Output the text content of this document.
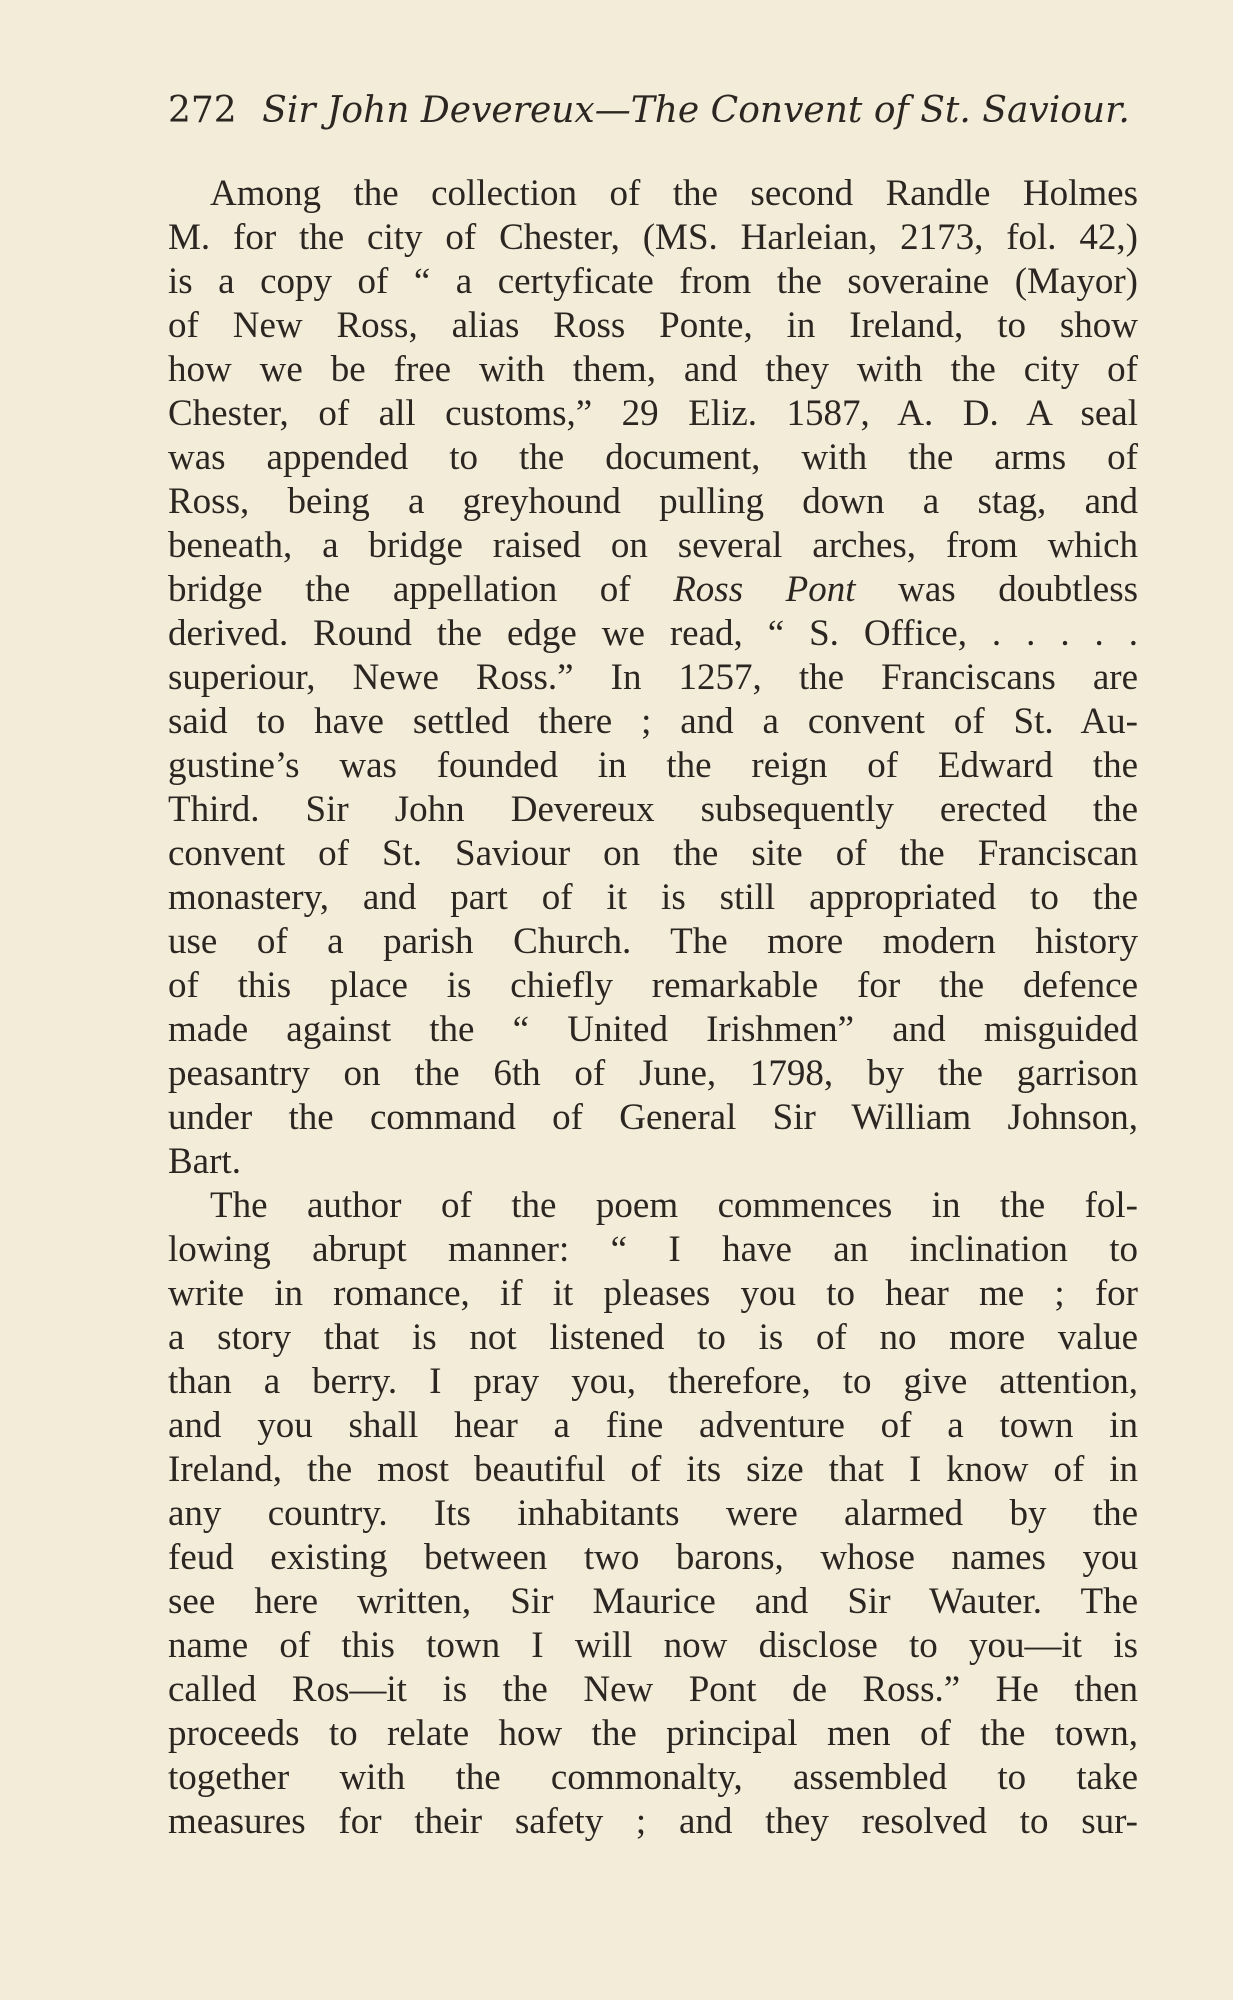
272 Sir John Devereux—The Convent of St. Saviour.
Among the collection of the second Randle Holmes
M. for the city of Chester, (MS. Harleian, 2173, fol. 42,)
is a copy of “ a certyficate from the soveraine (Mayor)
of New Ross, alias Ross Ponte, in Ireland, to show
how we be free with them, and they with the city of
Chester, of all customs,” 29 Eliz. 1587, A. D. A seal
was appended to the document, with the arms of
Ross, being a greyhound pulling down a stag, and
beneath, a bridge raised on several arches, from which
bridge the appellation of Ross Pont was doubtless
derived. Round the edge we read, “ S. Office, . . . . .
superiour, Newe Ross.” In 1257, the Franciscans are
said to have settled there ; and a convent of St. Au-
gustine’s was founded in the reign of Edward the
Third. Sir John Devereux subsequently erected the
convent of St. Saviour on the site of the Franciscan
monastery, and part of it is still appropriated to the
use of a parish Church. The more modern history
of this place is chiefly remarkable for the defence
made against the “ United Irishmen” and misguided
peasantry on the 6th of June, 1798, by the garrison
under the command of General Sir William Johnson,
Bart.
The author of the poem commences in the fol-
lowing abrupt manner: “ I have an inclination to
write in romance, if it pleases you to hear me ; for
a story that is not listened to is of no more value
than a berry. I pray you, therefore, to give attention,
and you shall hear a fine adventure of a town in
Ireland, the most beautiful of its size that I know of in
any country. Its inhabitants were alarmed by the
feud existing between two barons, whose names you
see here written, Sir Maurice and Sir Wauter. The
name of this town I will now disclose to you—it is
called Ros—it is the New Pont de Ross.” He then
proceeds to relate how the principal men of the town,
together with the commonalty, assembled to take
measures for their safety ; and they resolved to sur-
